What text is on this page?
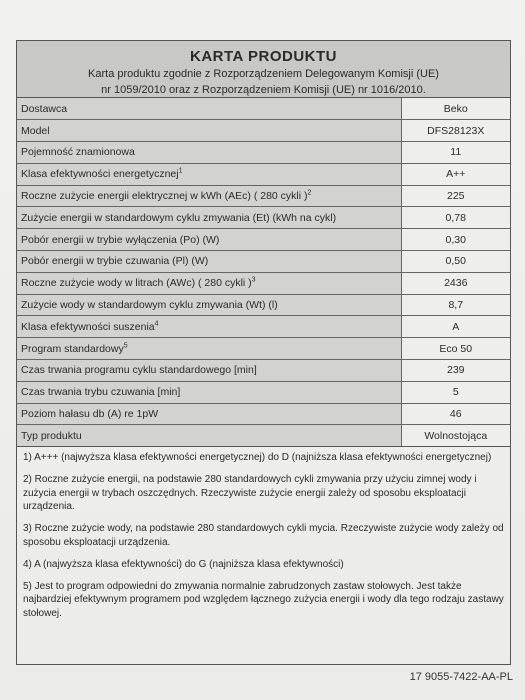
KARTA PRODUKTU
Karta produktu zgodnie z Rozporządzeniem Delegowanym Komisji (UE)
nr 1059/2010 oraz z Rozporządzeniem Komisji (UE) nr 1016/2010.
Dostawca	Beko
Model	DFS28123X
Pojemność znamionowa	11
Klasa efektywności energetycznej$^1$	A++
Roczne zużycie energii elektrycznej w kWh (AEc) ( 280 cykli )$^2$	225
Zużycie energii w standardowym cyklu zmywania (Et) (kWh na cykl)	0,78
Pobór energii w trybie wyłączenia (Po) (W)	0,30
Pobór energii w trybie czuwania (Pl) (W)	0,50
Roczne zużycie wody w litrach (AWc) ( 280 cykli )$^3$	2436
Zużycie wody w standardowym cyklu zmywania (Wt) (l)	8,7
Klasa efektywności suszenia$^4$	A
Program standardowy$^5$	Eco 50
Czas trwania programu cyklu standardowego [min]	239
Czas trwania trybu czuwania [min]	5
Poziom hałasu db (A) re 1pW	46
Typ produktu	Wolnostojąca

1) A+++ (najwyższa klasa efektywności energetycznej) do D (najniższa klasa efektywności energetycznej)

2) Roczne zużycie energii, na podstawie 280 standardowych cykli zmywania przy użyciu zimnej wody i zużycia energii w trybach oszczędnych. Rzeczywiste zużycie energii zależy od sposobu eksploatacji urządzenia.

3) Roczne zużycie wody, na podstawie 280 standardowych cykli mycia. Rzeczywiste zużycie wody zależy od sposobu eksploatacji urządzenia.

4) A (najwyższa klasa efektywności) do G (najniższa klasa efektywności)

5) Jest to program odpowiedni do zmywania normalnie zabrudzonych zastaw stołowych. Jest także najbardziej efektywnym programem pod względem łącznego zużycia energii i wody dla tego rodzaju zastawy stołowej.

17 9055-7422-AA-PL
